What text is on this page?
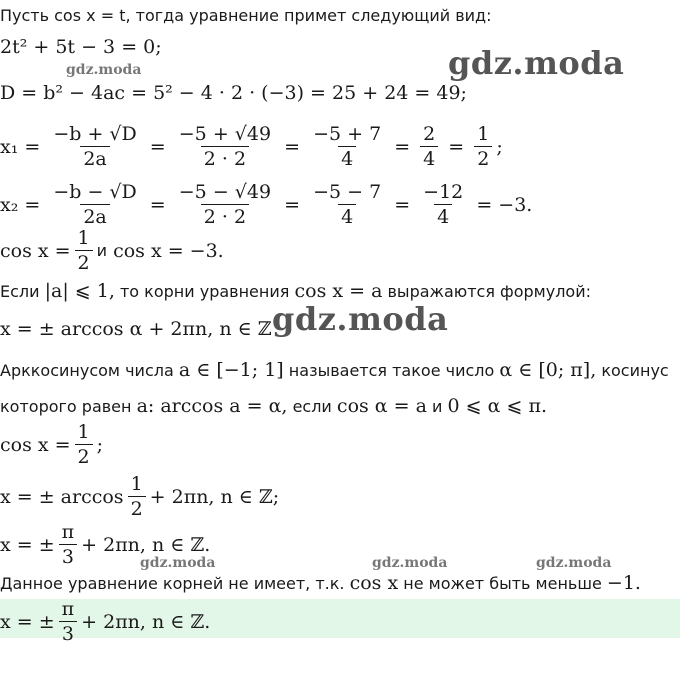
Пусть cos x = t, тогда уравнение примет следующий вид:
2t² + 5t − 3 = 0;
D = b² − 4ac = 5² − 4 · 2 · (−3) = 25 + 24 = 49;
$x_1 = \frac{-b + √D}{2a} = \frac{-5 + √49}{2 \cdot 2} = \frac{-5 + 7}{4} = \frac{2}{4} = \frac{1}{2}$ ;
$x_2 = \frac{-b - √D}{2a} = \frac{-5 - √49}{2 \cdot 2} = \frac{-5 - 7}{4} = \frac{-12}{4}$
= −3.
$\cos x = \frac{1}{2}$ и
cos x = −3.
Если |a| ⩽ 1, то корни уравнения cos x = a выражаются формулой:
x = ± arccos α + 2πn, n ∈ ℤ
Арккосинусом числа a ∈ [−1; 1] называется такое число α ∈ [0; π], косинус
которого равен a: arccos a = α, если cos α = a и 0 ⩽ α ⩽ π.
$\cos x = \frac{1}{2}$ ;
x = ± $\arccos \frac{1}{2} + 2\pi n$, n ∈ ℤ;
x = ± $\frac{\pi}{3} + 2\pi n$, n ∈ ℤ.
Данное уравнение корней не имеет, т.к. cos x не может быть меньше −1.
x = ± $\frac{\pi}{3} + 2\pi n$, n ∈ ℤ.
gdz.moda
gdz.moda
gdz.moda
gdz.moda	gdz.moda	gdz.moda
